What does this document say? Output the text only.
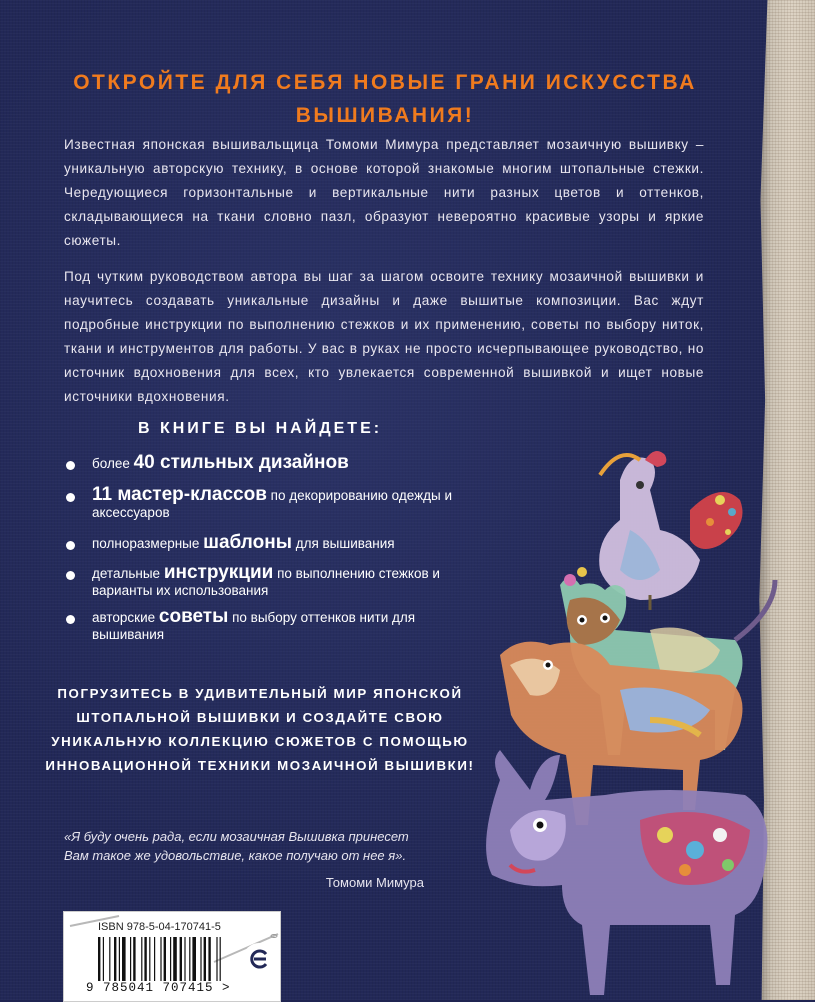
ОТКРОЙТЕ ДЛЯ СЕБЯ НОВЫЕ ГРАНИ ИСКУССТВА ВЫШИВАНИЯ!
Известная японская вышивальщица Томоми Мимура представляет мозаичную вышивку – уникальную авторскую технику, в основе которой знакомые многим штопальные стежки. Чередующиеся горизонтальные и вертикальные нити разных цветов и оттенков, складывающиеся на ткани словно пазл, образуют невероятно красивые узоры и яркие сюжеты.
Под чутким руководством автора вы шаг за шагом освоите технику мозаичной вышивки и научитесь создавать уникальные дизайны и даже вышитые композиции. Вас ждут подробные инструкции по выполнению стежков и их применению, советы по выбору ниток, ткани и инструментов для работы. У вас в руках не просто исчерпывающее руководство, но источник вдохновения для всех, кто увлекается современной вышивкой и ищет новые источники вдохновения.
В КНИГЕ ВЫ НАЙДЕТЕ:
более 40 стильных дизайнов
11 мастер-классов по декорированию одежды и аксессуаров
полноразмерные шаблоны для вышивания
детальные инструкции по выполнению стежков и варианты их использования
авторские советы по выбору оттенков нити для вышивания
ПОГРУЗИТЕСЬ В УДИВИТЕЛЬНЫЙ МИР ЯПОНСКОЙ ШТОПАЛЬНОЙ ВЫШИВКИ И СОЗДАЙТЕ СВОЮ УНИКАЛЬНУЮ КОЛЛЕКЦИЮ СЮЖЕТОВ С ПОМОЩЬЮ ИННОВАЦИОННОЙ ТЕХНИКИ МОЗАИЧНОЙ ВЫШИВКИ!
«Я буду очень рада, если мозаичная Вышивка принесет Вам такое же удовольствие, какое получаю от нее я».
Томоми Мимура
ISBN 978-5-04-170741-5
9 785041 707415 >
